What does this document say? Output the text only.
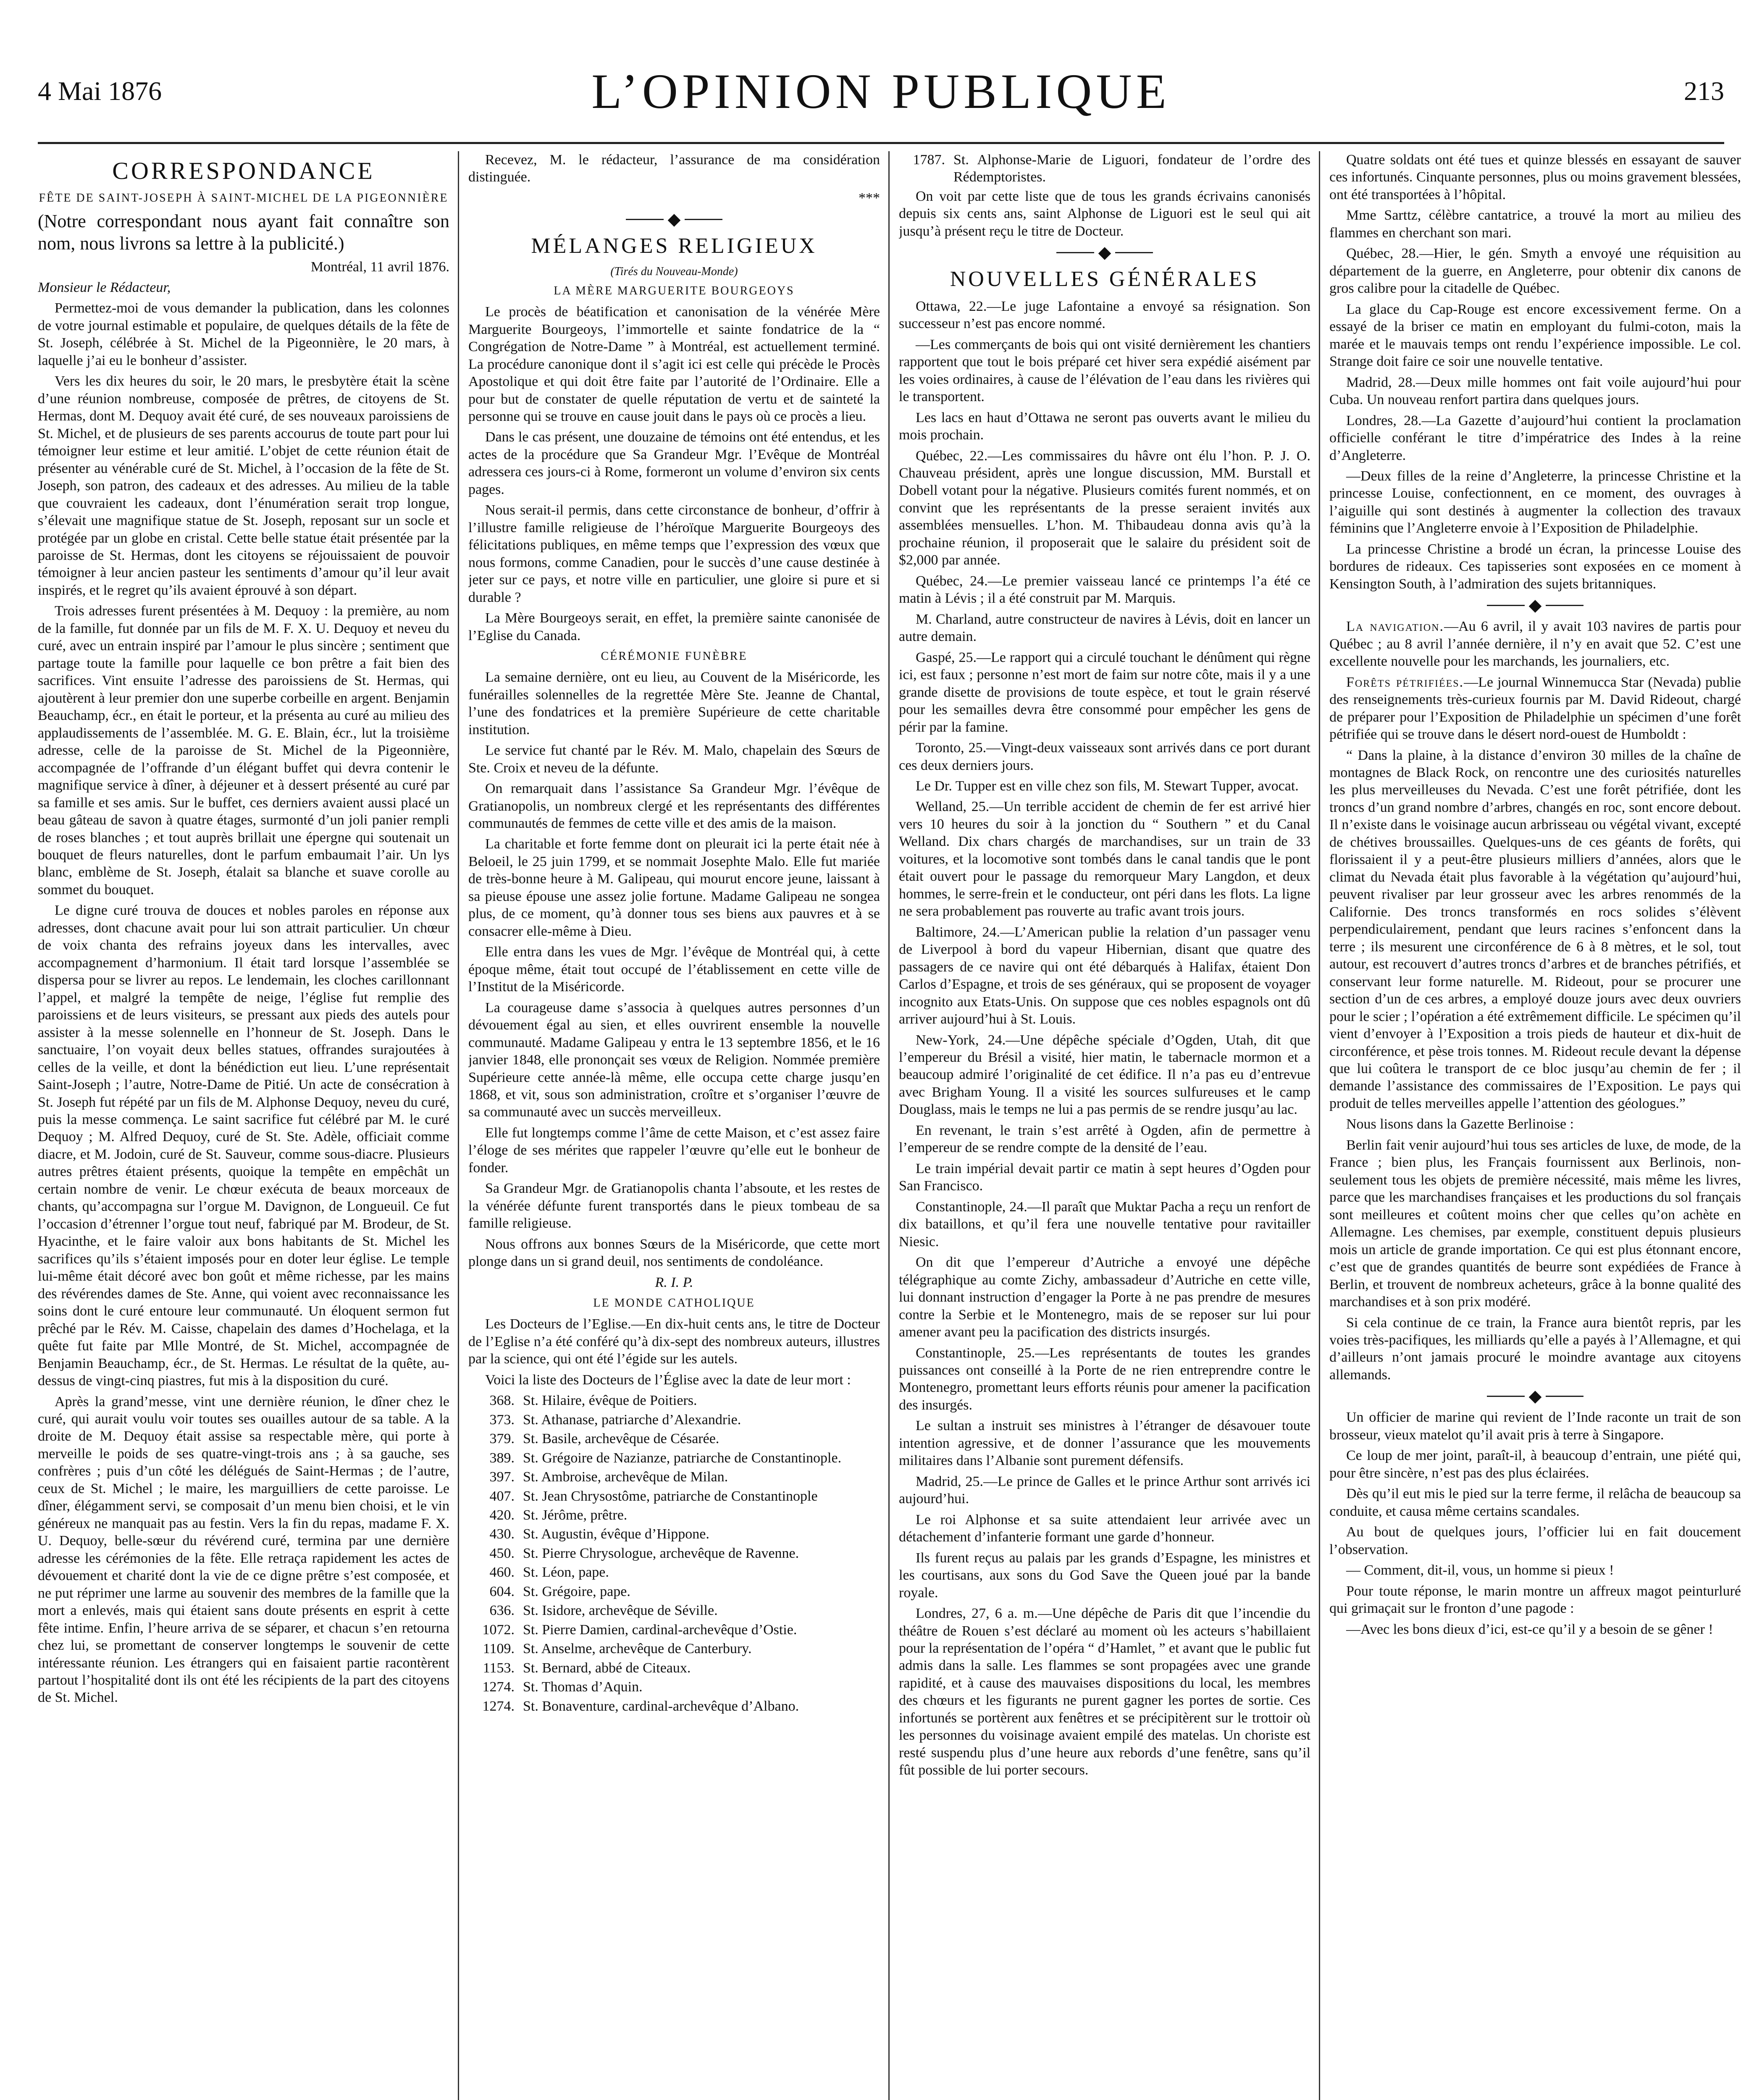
4 Mai 1876	L’OPINION PUBLIQUE	213
CORRESPONDANCE
FÊTE DE SAINT-JOSEPH À SAINT-MICHEL DE LA PIGEONNIÈRE

(Notre correspondant nous ayant fait connaître son nom, nous livrons sa lettre à la publicité.)

Montréal, 11 avril 1876.

Monsieur le Rédacteur,

Permettez-moi de vous demander la publication, dans les colonnes de votre journal estimable et populaire, de quelques détails de la fête de St. Joseph, célébrée à St. Michel de la Pigeonnière, le 20 mars, à laquelle j’ai eu le bonheur d’assister.

Vers les dix heures du soir, le 20 mars, le presbytère était la scène d’une réunion nombreuse, composée de prêtres, de citoyens de St. Hermas, dont M. Dequoy avait été curé, de ses nouveaux paroissiens de St. Michel, et de plusieurs de ses parents accourus de toute part pour lui témoigner leur estime et leur amitié. L’objet de cette réunion était de présenter au vénérable curé de St. Michel, à l’occasion de la fête de St. Joseph, son patron, des cadeaux et des adresses. Au milieu de la table que couvraient les cadeaux, dont l’énumération serait trop longue, s’élevait une magnifique statue de St. Joseph, reposant sur un socle et protégée par un globe en cristal. Cette belle statue était présentée par la paroisse de St. Hermas, dont les citoyens se réjouissaient de pouvoir témoigner à leur ancien pasteur les sentiments d’amour qu’il leur avait inspirés, et le regret qu’ils avaient éprouvé à son départ.

Trois adresses furent présentées à M. Dequoy : la première, au nom de la famille, fut donnée par un fils de M. F. X. U. Dequoy et neveu du curé, avec un entrain inspiré par l’amour le plus sincère ; sentiment que partage toute la famille pour laquelle ce bon prêtre a fait bien des sacrifices. Vint ensuite l’adresse des paroissiens de St. Hermas, qui ajoutèrent à leur premier don une superbe corbeille en argent. Benjamin Beauchamp, écr., en était le porteur, et la présenta au curé au milieu des applaudissements de l’assemblée. M. G. E. Blain, écr., lut la troisième adresse, celle de la paroisse de St. Michel de la Pigeonnière, accompagnée de l’offrande d’un élégant buffet qui devra contenir le magnifique service à dîner, à déjeuner et à dessert présenté au curé par sa famille et ses amis. Sur le buffet, ces derniers avaient aussi placé un beau gâteau de savon à quatre étages, surmonté d’un joli panier rempli de roses blanches ; et tout auprès brillait une épergne qui soutenait un bouquet de fleurs naturelles, dont le parfum embaumait l’air. Un lys blanc, emblème de St. Joseph, étalait sa blanche et suave corolle au sommet du bouquet.

Le digne curé trouva de douces et nobles paroles en réponse aux adresses, dont chacune avait pour lui son attrait particulier. Un chœur de voix chanta des refrains joyeux dans les intervalles, avec accompagnement d’harmonium. Il était tard lorsque l’assemblée se dispersa pour se livrer au repos. Le lendemain, les cloches carillonnant l’appel, et malgré la tempête de neige, l’église fut remplie des paroissiens et de leurs visiteurs, se pressant aux pieds des autels pour assister à la messe solennelle en l’honneur de St. Joseph. Dans le sanctuaire, l’on voyait deux belles statues, offrandes surajoutées à celles de la veille, et dont la bénédiction eut lieu. L’une représentait Saint-Joseph ; l’autre, Notre-Dame de Pitié. Un acte de consécration à St. Joseph fut répété par un fils de M. Alphonse Dequoy, neveu du curé, puis la messe commença. Le saint sacrifice fut célébré par M. le curé Dequoy ; M. Alfred Dequoy, curé de St. Ste. Adèle, officiait comme diacre, et M. Jodoin, curé de St. Sauveur, comme sous-diacre. Plusieurs autres prêtres étaient présents, quoique la tempête en empêchât un certain nombre de venir. Le chœur exécuta de beaux morceaux de chants, qu’accompagna sur l’orgue M. Davignon, de Longueuil. Ce fut l’occasion d’étrenner l’orgue tout neuf, fabriqué par M. Brodeur, de St. Hyacinthe, et le faire valoir aux bons habitants de St. Michel les sacrifices qu’ils s’étaient imposés pour en doter leur église. Le temple lui-même était décoré avec bon goût et même richesse, par les mains des révérendes dames de Ste. Anne, qui voient avec reconnaissance les soins dont le curé entoure leur communauté. Un éloquent sermon fut prêché par le Rév. M. Caisse, chapelain des dames d’Hochelaga, et la quête fut faite par Mlle Montré, de St. Michel, accompagnée de Benjamin Beauchamp, écr., de St. Hermas. Le résultat de la quête, au-dessus de vingt-cinq piastres, fut mis à la disposition du curé.

Après la grand’messe, vint une dernière réunion, le dîner chez le curé, qui aurait voulu voir toutes ses ouailles autour de sa table. A la droite de M. Dequoy était assise sa respectable mère, qui porte à merveille le poids de ses quatre-vingt-trois ans ; à sa gauche, ses confrères ; puis d’un côté les délégués de Saint-Hermas ; de l’autre, ceux de St. Michel ; le maire, les marguilliers de cette paroisse. Le dîner, élégamment servi, se composait d’un menu bien choisi, et le vin généreux ne manquait pas au festin. Vers la fin du repas, madame F. X. U. Dequoy, belle-sœur du révérend curé, termina par une dernière adresse les cérémonies de la fête. Elle retraça rapidement les actes de dévouement et charité dont la vie de ce digne prêtre s’est composée, et ne put réprimer une larme au souvenir des membres de la famille que la mort a enlevés, mais qui étaient sans doute présents en esprit à cette fête intime. Enfin, l’heure arriva de se séparer, et chacun s’en retourna chez lui, se promettant de conserver longtemps le souvenir de cette intéressante réunion. Les étrangers qui en faisaient partie racontèrent partout l’hospitalité dont ils ont été les récipients de la part des citoyens de St. Michel.

Recevez, M. le rédacteur, l’assurance de ma considération distinguée.

***
◆
MÉLANGES RELIGIEUX
(Tirés du Nouveau-Monde)
LA MÈRE MARGUERITE BOURGEOYS

Le procès de béatification et canonisation de la vénérée Mère Marguerite Bourgeoys, l’immortelle et sainte fondatrice de la “ Congrégation de Notre-Dame ” à Montréal, est actuellement terminé. La procédure canonique dont il s’agit ici est celle qui précède le Procès Apostolique et qui doit être faite par l’autorité de l’Ordinaire. Elle a pour but de constater de quelle réputation de vertu et de sainteté la personne qui se trouve en cause jouit dans le pays où ce procès a lieu.

Dans le cas présent, une douzaine de témoins ont été entendus, et les actes de la procédure que Sa Grandeur Mgr. l’Evêque de Montréal adressera ces jours-ci à Rome, formeront un volume d’environ six cents pages.

Nous serait-il permis, dans cette circonstance de bonheur, d’offrir à l’illustre famille religieuse de l’héroïque Marguerite Bourgeoys des félicitations publiques, en même temps que l’expression des vœux que nous formons, comme Canadien, pour le succès d’une cause destinée à jeter sur ce pays, et notre ville en particulier, une gloire si pure et si durable ?

La Mère Bourgeoys serait, en effet, la première sainte canonisée de l’Eglise du Canada.

CÉRÉMONIE FUNÈBRE

La semaine dernière, ont eu lieu, au Couvent de la Miséricorde, les funérailles solennelles de la regrettée Mère Ste. Jeanne de Chantal, l’une des fondatrices et la première Supérieure de cette charitable institution.

Le service fut chanté par le Rév. M. Malo, chapelain des Sœurs de Ste. Croix et neveu de la défunte.

On remarquait dans l’assistance Sa Grandeur Mgr. l’évêque de Gratianopolis, un nombreux clergé et les représentants des différentes communautés de femmes de cette ville et des amis de la maison.

La charitable et forte femme dont on pleurait ici la perte était née à Beloeil, le 25 juin 1799, et se nommait Josephte Malo. Elle fut mariée de très-bonne heure à M. Galipeau, qui mourut encore jeune, laissant à sa pieuse épouse une assez jolie fortune. Madame Galipeau ne songea plus, de ce moment, qu’à donner tous ses biens aux pauvres et à se consacrer elle-même à Dieu.

Elle entra dans les vues de Mgr. l’évêque de Montréal qui, à cette époque même, était tout occupé de l’établissement en cette ville de l’Institut de la Miséricorde.

La courageuse dame s’associa à quelques autres personnes d’un dévouement égal au sien, et elles ouvrirent ensemble la nouvelle communauté. Madame Galipeau y entra le 13 septembre 1856, et le 16 janvier 1848, elle prononçait ses vœux de Religion. Nommée première Supérieure cette année-là même, elle occupa cette charge jusqu’en 1868, et vit, sous son administration, croître et s’organiser l’œuvre de sa communauté avec un succès merveilleux.

Elle fut longtemps comme l’âme de cette Maison, et c’est assez faire l’éloge de ses mérites que rappeler l’œuvre qu’elle eut le bonheur de fonder.

Sa Grandeur Mgr. de Gratianopolis chanta l’absoute, et les restes de la vénérée défunte furent transportés dans le pieux tombeau de sa famille religieuse.

Nous offrons aux bonnes Sœurs de la Miséricorde, que cette mort plonge dans un si grand deuil, nos sentiments de condoléance.

R. I. P.
LE MONDE CATHOLIQUE

Les Docteurs de l’Eglise.—En dix-huit cents ans, le titre de Docteur de l’Eglise n’a été conféré qu’à dix-sept des nombreux auteurs, illustres par la science, qui ont été l’égide sur les autels.

Voici la liste des Docteurs de l’Église avec la date de leur mort :

368. St. Hilaire, évêque de Poitiers.
373. St. Athanase, patriarche d’Alexandrie.
379. St. Basile, archevêque de Césarée.
389. St. Grégoire de Nazianze, patriarche de Constantinople.
397. St. Ambroise, archevêque de Milan.
407. St. Jean Chrysostôme, patriarche de Constantinople
420. St. Jérôme, prêtre.
430. St. Augustin, évêque d’Hippone.
450. St. Pierre Chrysologue, archevêque de Ravenne.
460. St. Léon, pape.
604. St. Grégoire, pape.
636. St. Isidore, archevêque de Séville.
1072. St. Pierre Damien, cardinal-archevêque d’Ostie.
1109. St. Anselme, archevêque de Canterbury.
1153. St. Bernard, abbé de Citeaux.
1274. St. Thomas d’Aquin.
1274. St. Bonaventure, cardinal-archevêque d’Albano.
1787. St. Alphonse-Marie de Liguori, fondateur de l’ordre des Rédemptoristes.

On voit par cette liste que de tous les grands écrivains canonisés depuis six cents ans, saint Alphonse de Liguori est le seul qui ait jusqu’à présent reçu le titre de Docteur.

◆
NOUVELLES GÉNÉRALES

Ottawa, 22.—Le juge Lafontaine a envoyé sa résignation. Son successeur n’est pas encore nommé.

—Les commerçants de bois qui ont visité dernièrement les chantiers rapportent que tout le bois préparé cet hiver sera expédié aisément par les voies ordinaires, à cause de l’élévation de l’eau dans les rivières qui le transportent.

Les lacs en haut d’Ottawa ne seront pas ouverts avant le milieu du mois prochain.

Québec, 22.—Les commissaires du hâvre ont élu l’hon. P. J. O. Chauveau président, après une longue discussion, MM. Burstall et Dobell votant pour la négative. Plusieurs comités furent nommés, et on convint que les représentants de la presse seraient invités aux assemblées mensuelles. L’hon. M. Thibaudeau donna avis qu’à la prochaine réunion, il proposerait que le salaire du président soit de $2,000 par année.

Québec, 24.—Le premier vaisseau lancé ce printemps l’a été ce matin à Lévis ; il a été construit par M. Marquis.

M. Charland, autre constructeur de navires à Lévis, doit en lancer un autre demain.

Gaspé, 25.—Le rapport qui a circulé touchant le dénûment qui règne ici, est faux ; personne n’est mort de faim sur notre côte, mais il y a une grande disette de provisions de toute espèce, et tout le grain réservé pour les semailles devra être consommé pour empêcher les gens de périr par la famine.

Toronto, 25.—Vingt-deux vaisseaux sont arrivés dans ce port durant ces deux derniers jours.

Le Dr. Tupper est en ville chez son fils, M. Stewart Tupper, avocat.

Welland, 25.—Un terrible accident de chemin de fer est arrivé hier vers 10 heures du soir à la jonction du “ Southern ” et du Canal Welland. Dix chars chargés de marchandises, sur un train de 33 voitures, et la locomotive sont tombés dans le canal tandis que le pont était ouvert pour le passage du remorqueur Mary Langdon, et deux hommes, le serre-frein et le conducteur, ont péri dans les flots. La ligne ne sera probablement pas rouverte au trafic avant trois jours.

Baltimore, 24.—L’American publie la relation d’un passager venu de Liverpool à bord du vapeur Hibernian, disant que quatre des passagers de ce navire qui ont été débarqués à Halifax, étaient Don Carlos d’Espagne, et trois de ses généraux, qui se proposent de voyager incognito aux Etats-Unis. On suppose que ces nobles espagnols ont dû arriver aujourd’hui à St. Louis.

New-York, 24.—Une dépêche spéciale d’Ogden, Utah, dit que l’empereur du Brésil a visité, hier matin, le tabernacle mormon et a beaucoup admiré l’originalité de cet édifice. Il n’a pas eu d’entrevue avec Brigham Young. Il a visité les sources sulfureuses et le camp Douglass, mais le temps ne lui a pas permis de se rendre jusqu’au lac.

En revenant, le train s’est arrêté à Ogden, afin de permettre à l’empereur de se rendre compte de la densité de l’eau.

Le train impérial devait partir ce matin à sept heures d’Ogden pour San Francisco.

Constantinople, 24.—Il paraît que Muktar Pacha a reçu un renfort de dix bataillons, et qu’il fera une nouvelle tentative pour ravitailler Niesic.

On dit que l’empereur d’Autriche a envoyé une dépêche télégraphique au comte Zichy, ambassadeur d’Autriche en cette ville, lui donnant instruction d’engager la Porte à ne pas prendre de mesures contre la Serbie et le Montenegro, mais de se reposer sur lui pour amener avant peu la pacification des districts insurgés.

Constantinople, 25.—Les représentants de toutes les grandes puissances ont conseillé à la Porte de ne rien entreprendre contre le Montenegro, promettant leurs efforts réunis pour amener la pacification des insurgés.

Le sultan a instruit ses ministres à l’étranger de désavouer toute intention agressive, et de donner l’assurance que les mouvements militaires dans l’Albanie sont purement défensifs.

Madrid, 25.—Le prince de Galles et le prince Arthur sont arrivés ici aujourd’hui.

Le roi Alphonse et sa suite attendaient leur arrivée avec un détachement d’infanterie formant une garde d’honneur.

Ils furent reçus au palais par les grands d’Espagne, les ministres et les courtisans, aux sons du God Save the Queen joué par la bande royale.

Londres, 27, 6 a. m.—Une dépêche de Paris dit que l’incendie du théâtre de Rouen s’est déclaré au moment où les acteurs s’habillaient pour la représentation de l’opéra “ d’Hamlet, ” et avant que le public fut admis dans la salle. Les flammes se sont propagées avec une grande rapidité, et à cause des mauvaises dispositions du local, les membres des chœurs et les figurants ne purent gagner les portes de sortie. Ces infortunés se portèrent aux fenêtres et se précipitèrent sur le trottoir où les personnes du voisinage avaient empilé des matelas. Un choriste est resté suspendu plus d’une heure aux rebords d’une fenêtre, sans qu’il fût possible de lui porter secours.

Quatre soldats ont été tues et quinze blessés en essayant de sauver ces infortunés. Cinquante personnes, plus ou moins gravement blessées, ont été transportées à l’hôpital.

Mme Sarttz, célèbre cantatrice, a trouvé la mort au milieu des flammes en cherchant son mari.

Québec, 28.—Hier, le gén. Smyth a envoyé une réquisition au département de la guerre, en Angleterre, pour obtenir dix canons de gros calibre pour la citadelle de Québec.

La glace du Cap-Rouge est encore excessivement ferme. On a essayé de la briser ce matin en employant du fulmi-coton, mais la marée et le mauvais temps ont rendu l’expérience impossible. Le col. Strange doit faire ce soir une nouvelle tentative.

Madrid, 28.—Deux mille hommes ont fait voile aujourd’hui pour Cuba. Un nouveau renfort partira dans quelques jours.

Londres, 28.—La Gazette d’aujourd’hui contient la proclamation officielle conférant le titre d’impératrice des Indes à la reine d’Angleterre.

—Deux filles de la reine d’Angleterre, la princesse Christine et la princesse Louise, confectionnent, en ce moment, des ouvrages à l’aiguille qui sont destinés à augmenter la collection des travaux féminins que l’Angleterre envoie à l’Exposition de Philadelphie.

La princesse Christine a brodé un écran, la princesse Louise des bordures de rideaux. Ces tapisseries sont exposées en ce moment à Kensington South, à l’admiration des sujets britanniques.

◆

La navigation.—Au 6 avril, il y avait 103 navires de partis pour Québec ; au 8 avril l’année dernière, il n’y en avait que 52. C’est une excellente nouvelle pour les marchands, les journaliers, etc.

Forêts pétrifiées.—Le journal Winnemucca Star (Nevada) publie des renseignements très-curieux fournis par M. David Rideout, chargé de préparer pour l’Exposition de Philadelphie un spécimen d’une forêt pétrifiée qui se trouve dans le désert nord-ouest de Humboldt :

“ Dans la plaine, à la distance d’environ 30 milles de la chaîne de montagnes de Black Rock, on rencontre une des curiosités naturelles les plus merveilleuses du Nevada. C’est une forêt pétrifiée, dont les troncs d’un grand nombre d’arbres, changés en roc, sont encore debout. Il n’existe dans le voisinage aucun arbrisseau ou végétal vivant, excepté de chétives broussailles. Quelques-uns de ces géants de forêts, qui florissaient il y a peut-être plusieurs milliers d’années, alors que le climat du Nevada était plus favorable à la végétation qu’aujourd’hui, peuvent rivaliser par leur grosseur avec les arbres renommés de la Californie. Des troncs transformés en rocs solides s’élèvent perpendiculairement, pendant que leurs racines s’enfoncent dans la terre ; ils mesurent une circonférence de 6 à 8 mètres, et le sol, tout autour, est recouvert d’autres troncs d’arbres et de branches pétrifiés, et conservant leur forme naturelle. M. Rideout, pour se procurer une section d’un de ces arbres, a employé douze jours avec deux ouvriers pour le scier ; l’opération a été extrêmement difficile. Le spécimen qu’il vient d’envoyer à l’Exposition a trois pieds de hauteur et dix-huit de circonférence, et pèse trois tonnes. M. Rideout recule devant la dépense que lui coûtera le transport de ce bloc jusqu’au chemin de fer ; il demande l’assistance des commissaires de l’Exposition. Le pays qui produit de telles merveilles appelle l’attention des géologues.”

Nous lisons dans la Gazette Berlinoise :

Berlin fait venir aujourd’hui tous ses articles de luxe, de mode, de la France ; bien plus, les Français fournissent aux Berlinois, non-seulement tous les objets de première nécessité, mais même les livres, parce que les marchandises françaises et les productions du sol français sont meilleures et coûtent moins cher que celles qu’on achète en Allemagne. Les chemises, par exemple, constituent depuis plusieurs mois un article de grande importation. Ce qui est plus étonnant encore, c’est que de grandes quantités de beurre sont expédiées de France à Berlin, et trouvent de nombreux acheteurs, grâce à la bonne qualité des marchandises et à son prix modéré.

Si cela continue de ce train, la France aura bientôt repris, par les voies très-pacifiques, les milliards qu’elle a payés à l’Allemagne, et qui d’ailleurs n’ont jamais procuré le moindre avantage aux citoyens allemands.

◆

Un officier de marine qui revient de l’Inde raconte un trait de son brosseur, vieux matelot qu’il avait pris à terre à Singapore.

Ce loup de mer joint, paraît-il, à beaucoup d’entrain, une piété qui, pour être sincère, n’est pas des plus éclairées.

Dès qu’il eut mis le pied sur la terre ferme, il relâcha de beaucoup sa conduite, et causa même certains scandales.

Au bout de quelques jours, l’officier lui en fait doucement l’observation.

— Comment, dit-il, vous, un homme si pieux !

Pour toute réponse, le marin montre un affreux magot peinturluré qui grimaçait sur le fronton d’une pagode :

—Avec les bons dieux d’ici, est-ce qu’il y a besoin de se gêner !
